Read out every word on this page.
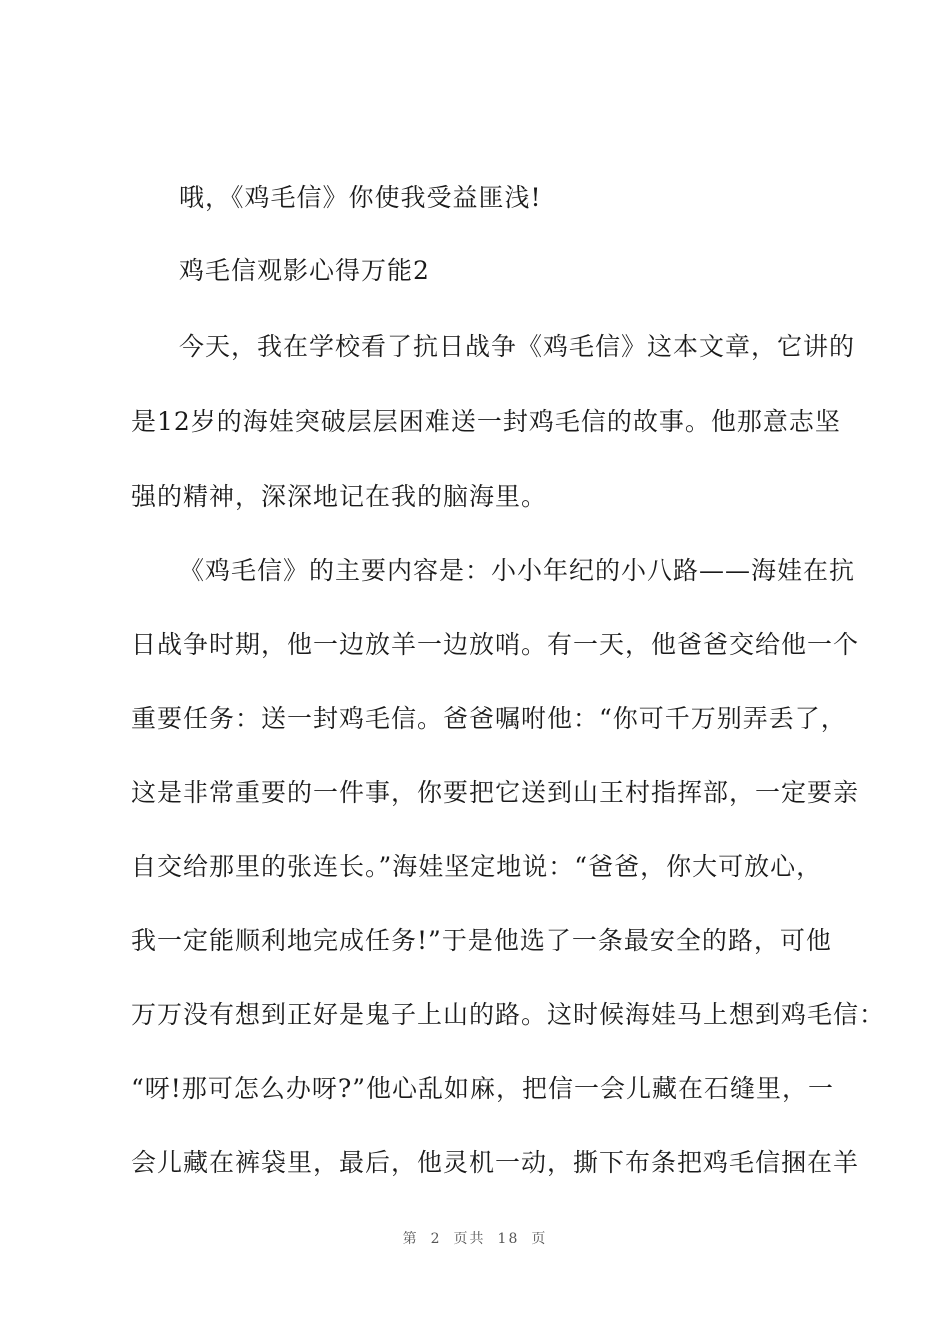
哦，《鸡毛信》你使我受益匪浅!
鸡毛信观影心得万能2
今天，我在学校看了抗日战争《鸡毛信》这本文章，它讲的
是12岁的海娃突破层层困难送一封鸡毛信的故事。他那意志坚
强的精神，深深地记在我的脑海里。
《鸡毛信》的主要内容是：小小年纪的小八路——海娃在抗
日战争时期，他一边放羊一边放哨。有一天，他爸爸交给他一个
重要任务：送一封鸡毛信。爸爸嘱咐他：“你可千万别弄丢了，
这是非常重要的一件事，你要把它送到山王村指挥部，一定要亲
自交给那里的张连长。”海娃坚定地说：“爸爸，你大可放心，
我一定能顺利地完成任务!”于是他选了一条最安全的路，可他
万万没有想到正好是鬼子上山的路。这时候海娃马上想到鸡毛信：
“呀!那可怎么办呀?”他心乱如麻，把信一会儿藏在石缝里，一
会儿藏在裤袋里，最后，他灵机一动，撕下布条把鸡毛信捆在羊
第 2 页共 18 页
